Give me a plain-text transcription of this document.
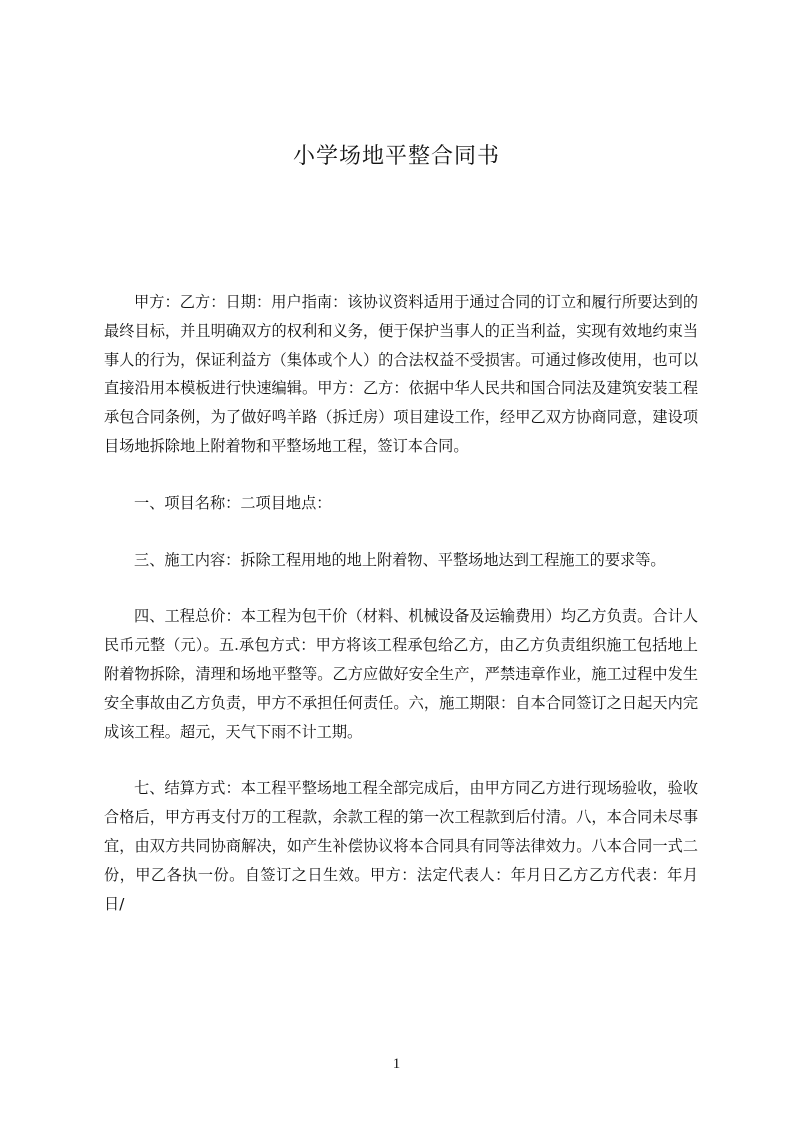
小学场地平整合同书

甲方：乙方：日期：用户指南：该协议资料适用于通过合同的订立和履行所要达到的最终目标，并且明确双方的权利和义务，便于保护当事人的正当利益，实现有效地约束当事人的行为，保证利益方（集体或个人）的合法权益不受损害。可通过修改使用，也可以直接沿用本模板进行快速编辑。甲方：乙方：依据中华人民共和国合同法及建筑安装工程承包合同条例，为了做好鸣羊路（拆迁房）项目建设工作，经甲乙双方协商同意，建设项目场地拆除地上附着物和平整场地工程，签订本合同。

一、项目名称：二项目地点：

三、施工内容：拆除工程用地的地上附着物、平整场地达到工程施工的要求等。

四、工程总价：本工程为包干价（材料、机械设备及运输费用）均乙方负责。合计人民币元整（元）。五.承包方式：甲方将该工程承包给乙方，由乙方负责组织施工包括地上附着物拆除，清理和场地平整等。乙方应做好安全生产，严禁违章作业，施工过程中发生安全事故由乙方负责，甲方不承担任何责任。六，施工期限：自本合同签订之日起天内完成该工程。超元，天气下雨不计工期。

七、结算方式：本工程平整场地工程全部完成后，由甲方同乙方进行现场验收，验收合格后，甲方再支付万的工程款，余款工程的第一次工程款到后付清。八，本合同未尽事宜，由双方共同协商解决，如产生补偿协议将本合同具有同等法律效力。八本合同一式二份，甲乙各执一份。自签订之日生效。甲方：法定代表人：年月日乙方乙方代表：年月日/

1
